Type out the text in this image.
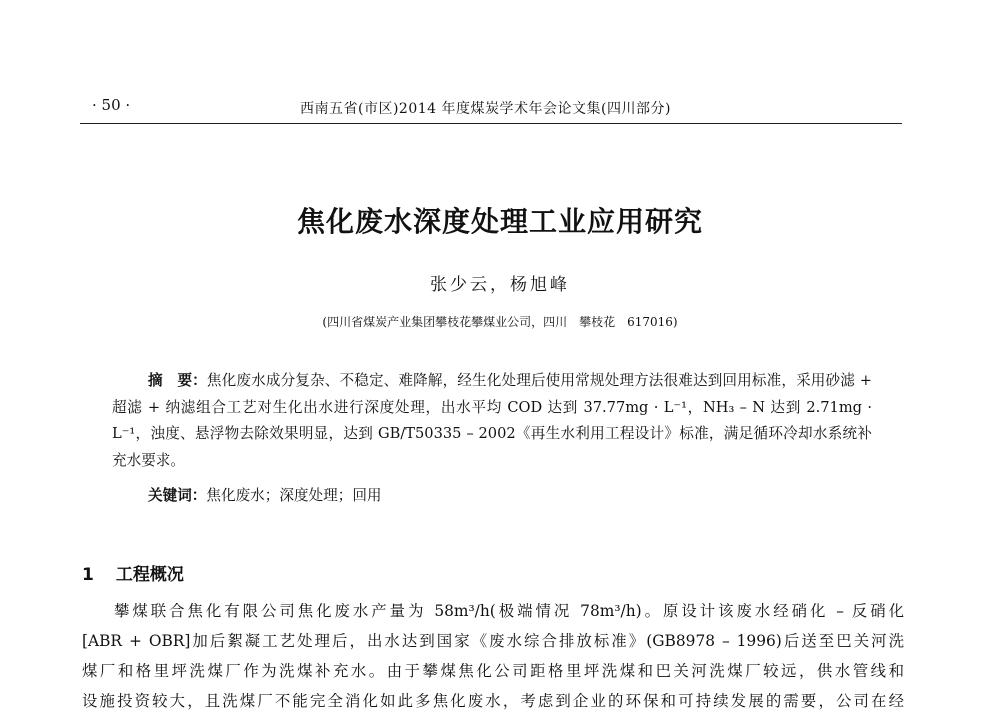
· 50 ·	西南五省(市区)2014 年度煤炭学术年会论文集(四川部分)
焦化废水深度处理工业应用研究
张少云，杨旭峰
(四川省煤炭产业集团攀枝花攀煤业公司，四川　攀枝花　617016)

摘　要：焦化废水成分复杂、不稳定、难降解，经生化处理后使用常规处理方法很难达到回用标准，采用砂滤 + 超滤 + 纳滤组合工艺对生化出水进行深度处理，出水平均 COD 达到 37.77mg · L⁻¹，NH₃ – N 达到 2.71mg · L⁻¹，浊度、悬浮物去除效果明显，达到 GB/T50335 – 2002《再生水利用工程设计》标准，满足循环冷却水系统补充水要求。

关键词：焦化废水；深度处理；回用
1 工程概况
攀煤联合焦化有限公司焦化废水产量为 58m³/h(极端情况 78m³/h)。原设计该废水经硝化 – 反硝化
[ABR + OBR]加后絮凝工艺处理后，出水达到国家《废水综合排放标准》(GB8978 – 1996)后送至巴关河洗
煤厂和格里坪洗煤厂作为洗煤补充水。由于攀煤焦化公司距格里坪洗煤和巴关河洗煤厂较远，供水管线和
设施投资较大，且洗煤厂不能完全消化如此多焦化废水，考虑到企业的环保和可持续发展的需要，公司在经
